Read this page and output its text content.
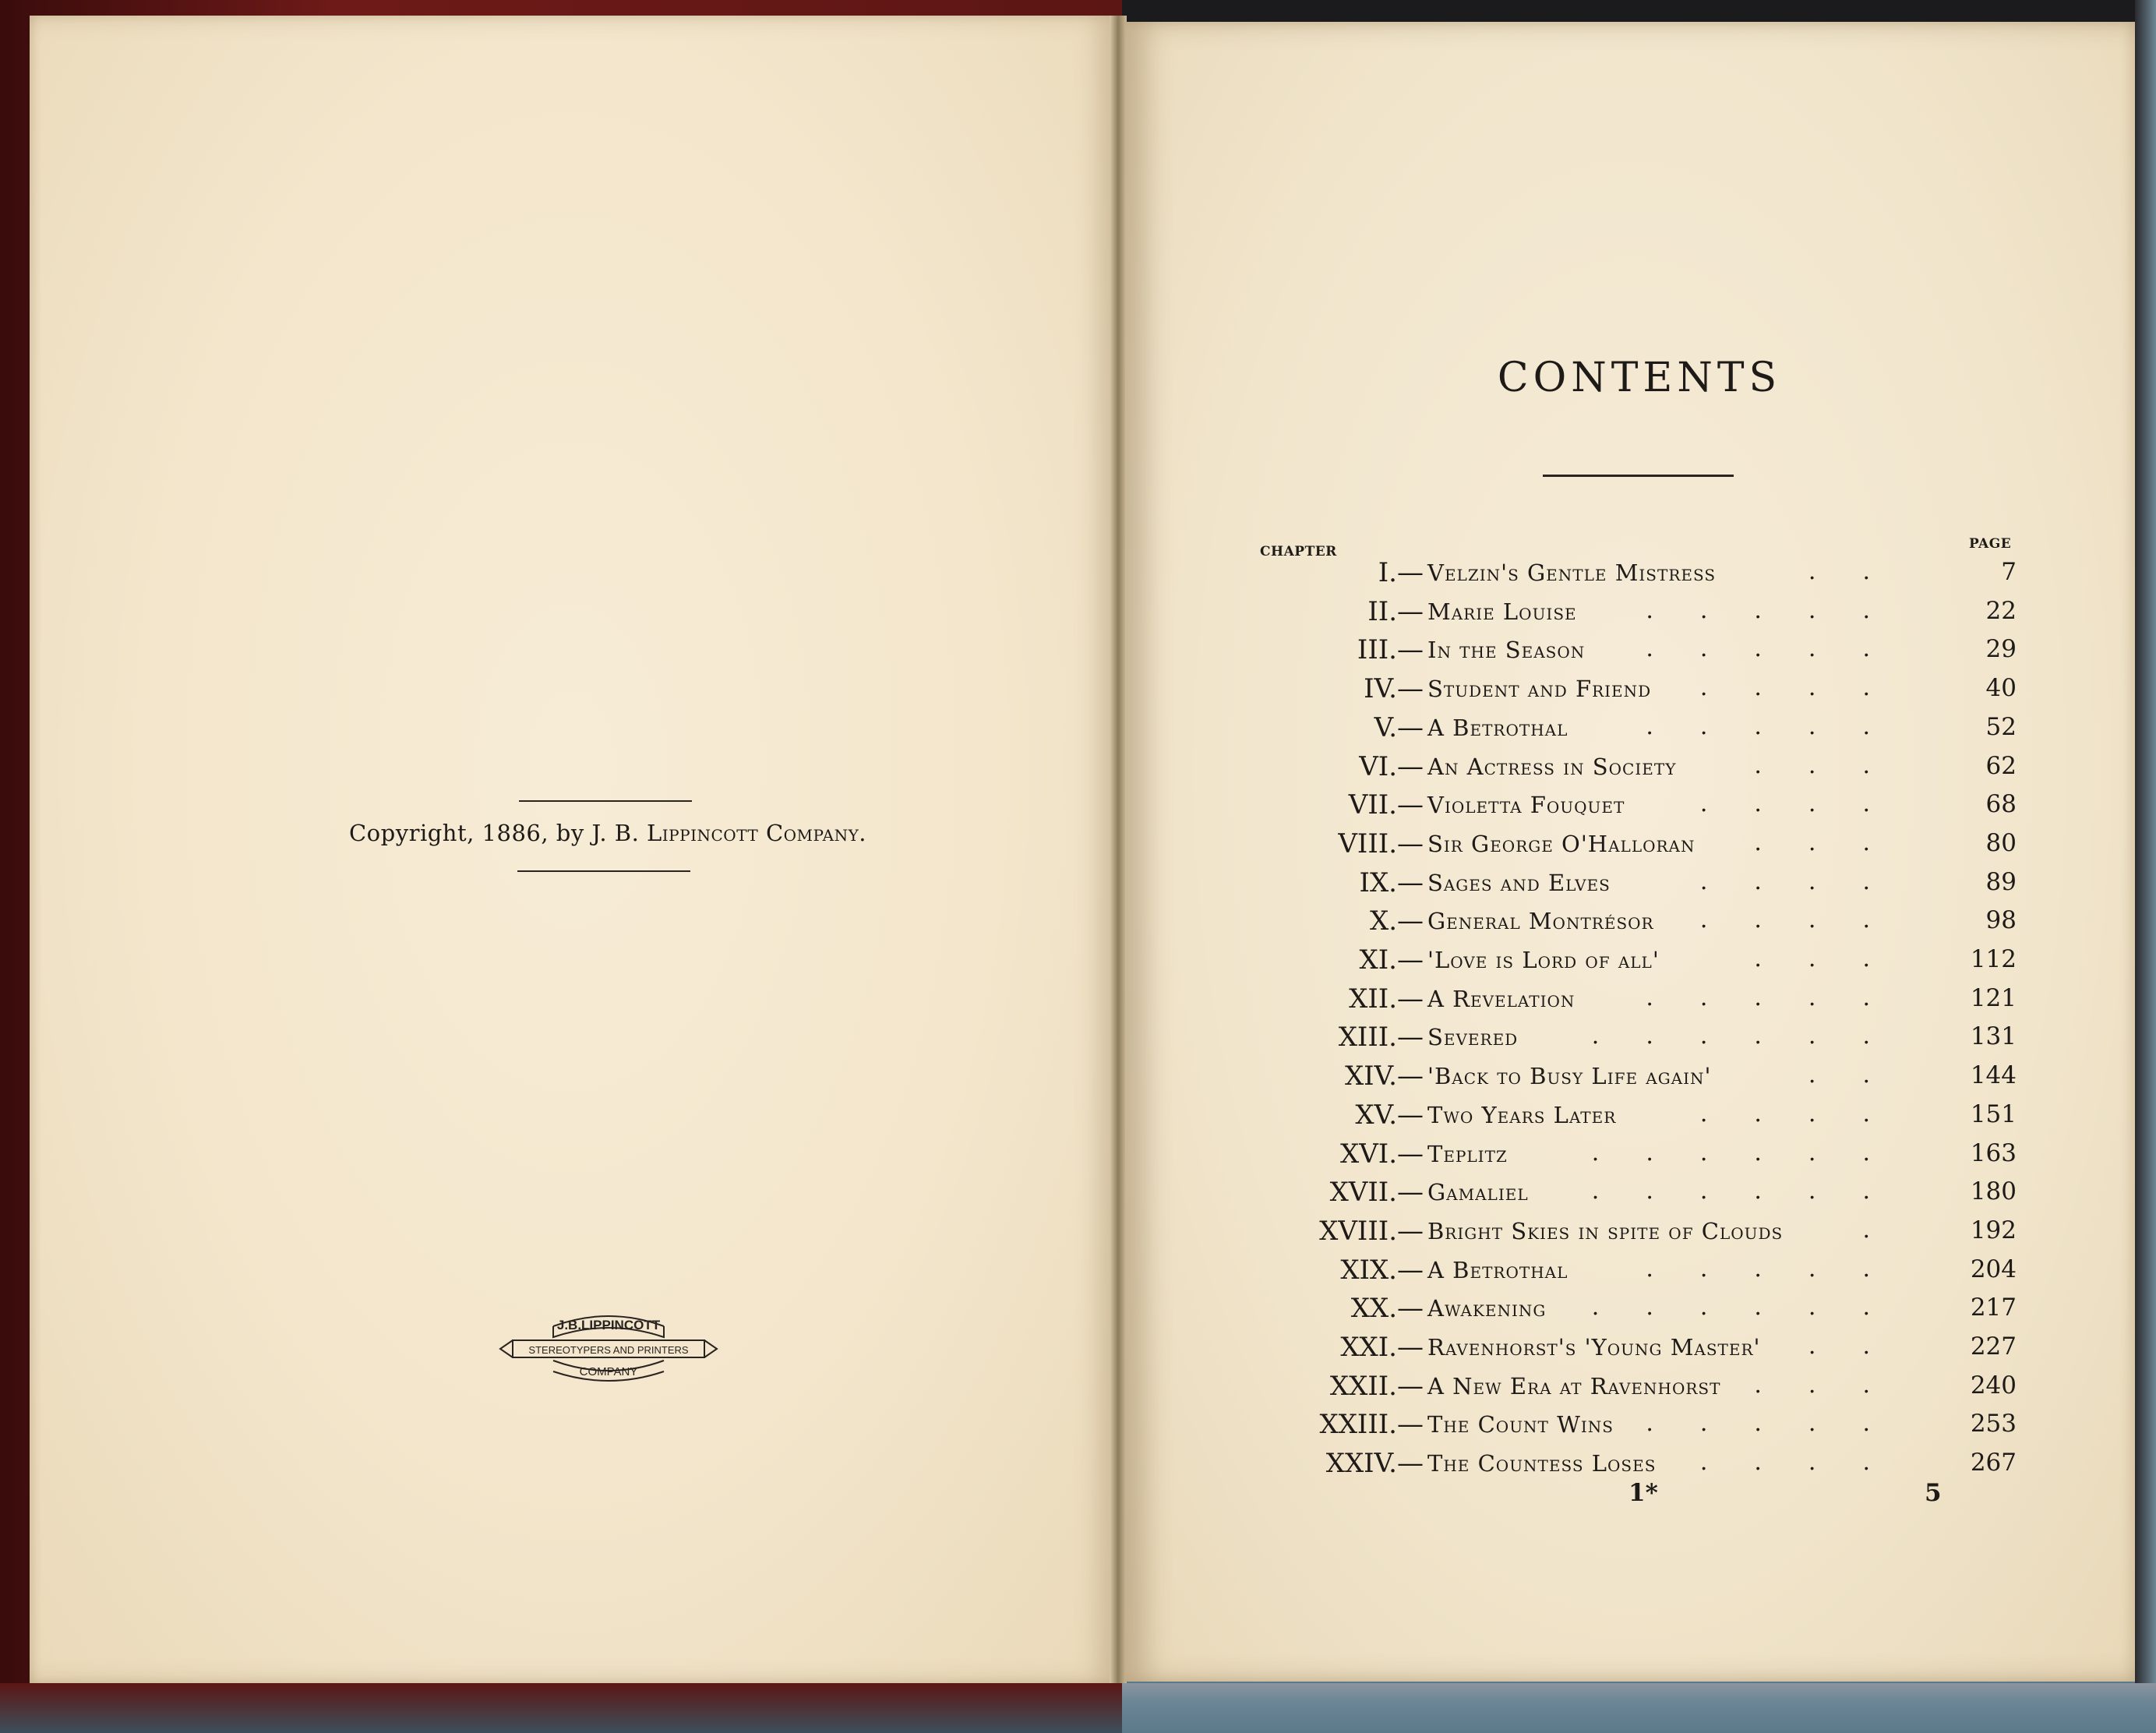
Copyright, 1886, by J. B. Lippincott Company.
J.B.LIPPINCOTT
STEREOTYPERS AND PRINTERS
COMPANY
CONTENTS
CHAPTER	PAGE
I. — Velzin's Gentle Mistress	..	7
II. — Marie Louise	.....	22
III. — In the Season	.....	29
IV. — Student and Friend ....	40
V. — A Betrothal	.....	52
VI. — An Actress in Society	...	62
VII. — Violetta Fouquet	....	68
VIII. — Sir George O'Halloran	...	80
IX. — Sages and Elves	....	89
X. — General Montrésor ....	98
XI. — 'Love is Lord of all'	...	112
XII. — A Revelation	.....	121
XIII. — Severed	......	131
XIV. — 'Back to Busy Life again'	..	144
XV. — Two Years Later	....	151
XVI. — Teplitz	......	163
XVII. — Gamaliel	......	180
XVIII. — Bright Skies in spite of Clouds	.	192
XIX. — A Betrothal	.....	204
XX. — Awakening ......	217
XXI. — Ravenhorst's 'Young Master' ..	227
XXII. — A New Era at Ravenhorst ...	240
XXIII. — The Count Wins .....	253
XXIV. — The Countess Loses ....	267
1*	5
